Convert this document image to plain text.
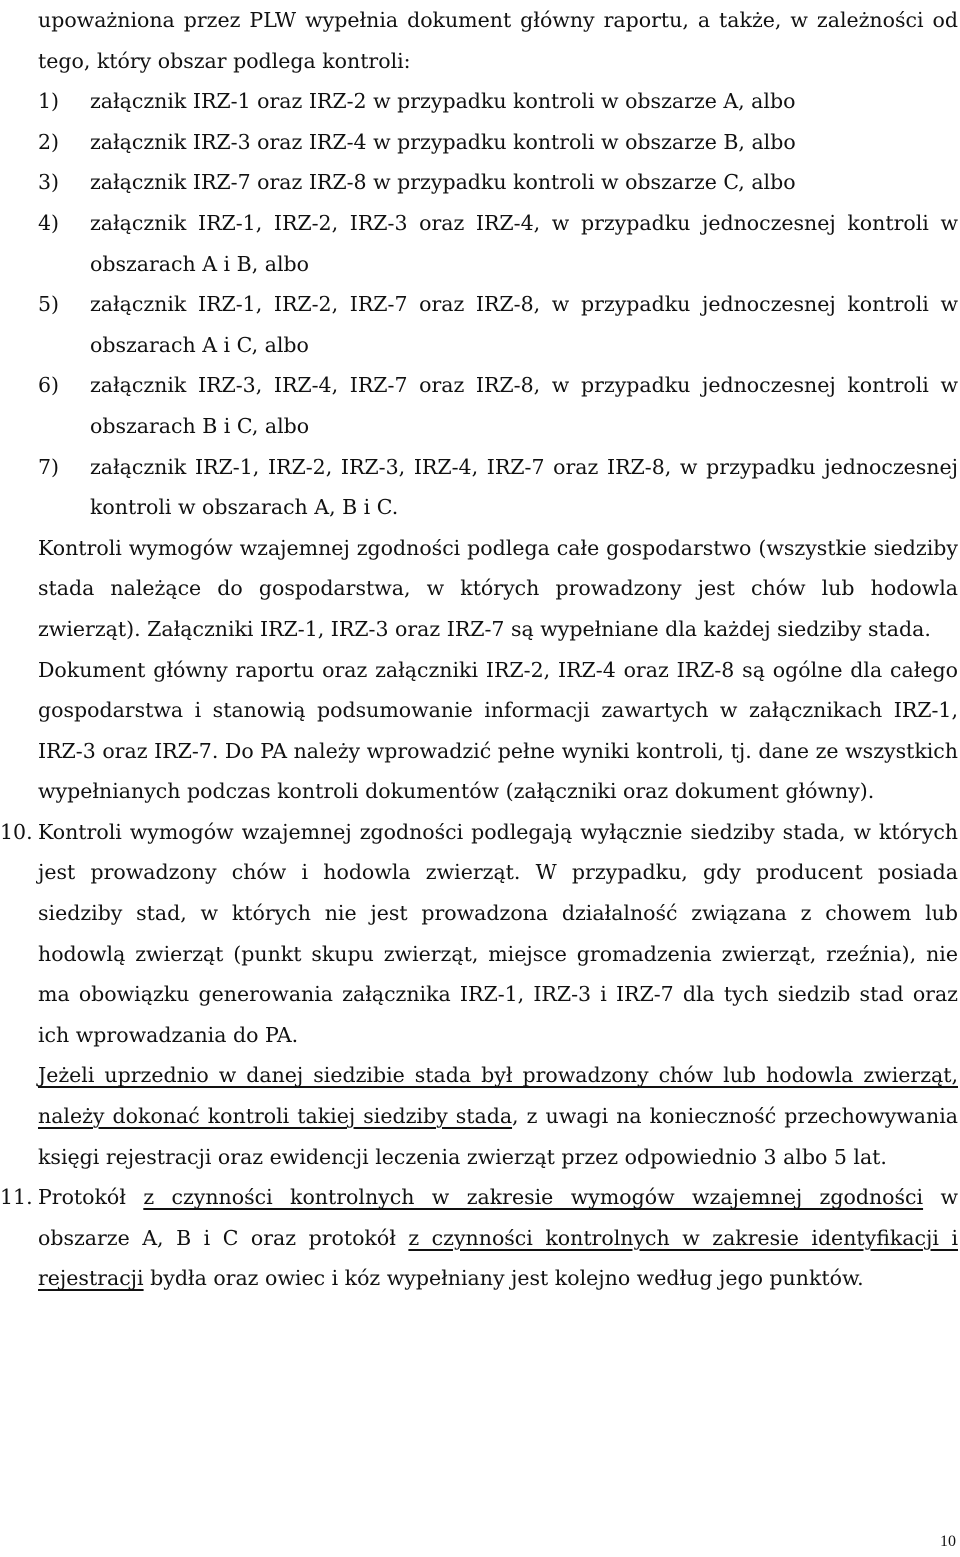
upoważniona przez PLW wypełnia dokument główny raportu, a także, w zależności od tego, który obszar podlega kontroli:

1) załącznik IRZ-1 oraz IRZ-2 w przypadku kontroli w obszarze A, albo
2) załącznik IRZ-3 oraz IRZ-4 w przypadku kontroli w obszarze B, albo
3) załącznik IRZ-7 oraz IRZ-8 w przypadku kontroli w obszarze C, albo
4) załącznik IRZ-1, IRZ-2, IRZ-3 oraz IRZ-4, w przypadku jednoczesnej kontroli w obszarach A i B, albo
5) załącznik IRZ-1, IRZ-2, IRZ-7 oraz IRZ-8, w przypadku jednoczesnej kontroli w obszarach A i C, albo
6) załącznik IRZ-3, IRZ-4, IRZ-7 oraz IRZ-8, w przypadku jednoczesnej kontroli w obszarach B i C, albo
7) załącznik IRZ-1, IRZ-2, IRZ-3, IRZ-4, IRZ-7 oraz IRZ-8, w przypadku jednoczesnej kontroli w obszarach A, B i C.

Kontroli wymogów wzajemnej zgodności podlega całe gospodarstwo (wszystkie siedziby stada należące do gospodarstwa, w których prowadzony jest chów lub hodowla zwierząt). Załączniki IRZ-1, IRZ-3 oraz IRZ-7 są wypełniane dla każdej siedziby stada.

Dokument główny raportu oraz załączniki IRZ-2, IRZ-4 oraz IRZ-8 są ogólne dla całego gospodarstwa i stanowią podsumowanie informacji zawartych w załącznikach IRZ-1, IRZ-3 oraz IRZ-7. Do PA należy wprowadzić pełne wyniki kontroli, tj. dane ze wszystkich wypełnianych podczas kontroli dokumentów (załączniki oraz dokument główny).

10. Kontroli wymogów wzajemnej zgodności podlegają wyłącznie siedziby stada, w których jest prowadzony chów i hodowla zwierząt. W przypadku, gdy producent posiada siedziby stad, w których nie jest prowadzona działalność związana z chowem lub hodowlą zwierząt (punkt skupu zwierząt, miejsce gromadzenia zwierząt, rzeźnia), nie ma obowiązku generowania załącznika IRZ-1, IRZ-3 i IRZ-7 dla tych siedzib stad oraz ich wprowadzania do PA.

Jeżeli uprzednio w danej siedzibie stada był prowadzony chów lub hodowla zwierząt, należy dokonać kontroli takiej siedziby stada, z uwagi na konieczność przechowywania księgi rejestracji oraz ewidencji leczenia zwierząt przez odpowiednio 3 albo 5 lat.

11. Protokół z czynności kontrolnych w zakresie wymogów wzajemnej zgodności w obszarze A, B i C oraz protokół z czynności kontrolnych w zakresie identyfikacji i rejestracji bydła oraz owiec i kóz wypełniany jest kolejno według jego punktów.

10
